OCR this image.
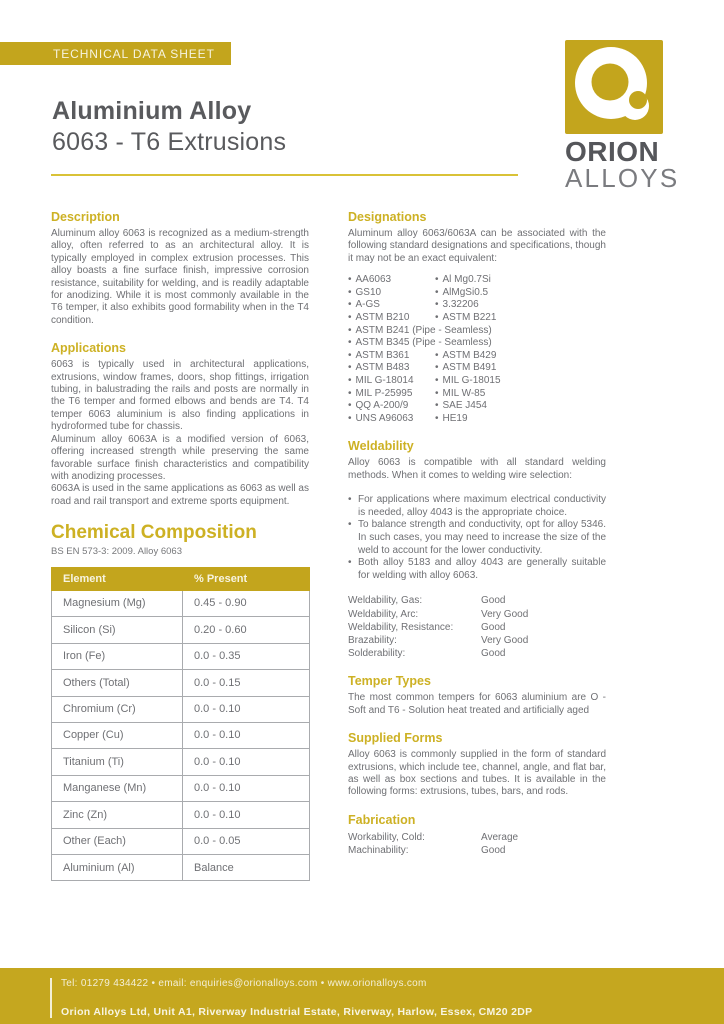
TECHNICAL DATA SHEET
Aluminium Alloy
6063 - T6 Extrusions	ORION
ALLOYS
Description

Aluminum alloy 6063 is recognized as a medium-strength alloy, often referred to as an architectural alloy. It is typically employed in complex extrusion processes. This alloy boasts a fine surface finish, impressive corrosion resistance, suitability for welding, and is readily adaptable for anodizing. While it is most commonly available in the T6 temper, it also exhibits good formability when in the T4 condition.

Applications

6063 is typically used in architectural applications, extrusions, window frames, doors, shop fittings, irrigation tubing, in balustrading the rails and posts are normally in the T6 temper and formed elbows and bends are T4. T4 temper 6063 aluminium is also finding applications in hydroformed tube for chassis.

Aluminum alloy 6063A is a modified version of 6063, offering increased strength while preserving the same favorable surface finish characteristics and compatibility with anodizing processes.

6063A is used in the same applications as 6063 as well as road and rail transport and extreme sports equipment.

Chemical Composition
BS EN 573-3: 2009. Alloy 6063
Element	% Present
Magnesium (Mg)	0.45 - 0.90
Silicon (Si)	0.20 - 0.60
Iron (Fe)	0.0 - 0.35
Others (Total)	0.0 - 0.15
Chromium (Cr)	0.0 - 0.10
Copper (Cu)	0.0 - 0.10
Titanium (Ti)	0.0 - 0.10
Manganese (Mn)	0.0 - 0.10
Zinc (Zn)	0.0 - 0.10
Other (Each)	0.0 - 0.05
Aluminium (Al)	Balance
Designations

Aluminum alloy 6063/6063A can be associated with the following standard designations and specifications, though it may not be an exact equivalent:

• AA6063	• Al Mg0.7Si
• GS10	• AlMgSi0.5
• A-GS	• 3.32206
• ASTM B210	• ASTM B221
• ASTM B241 (Pipe - Seamless)
• ASTM B345 (Pipe - Seamless)
• ASTM B361	• ASTM B429
• ASTM B483	• ASTM B491
• MIL G-18014	• MIL G-18015
• MIL P-25995	• MIL W-85
• QQ A-200/9	• SAE J454
• UNS A96063	• HE19
Weldability

Alloy 6063 is compatible with all standard welding methods. When it comes to welding wire selection:

• For applications where maximum electrical conductivity is needed, alloy 4043 is the appropriate choice.
• To balance strength and conductivity, opt for alloy 5346. In such cases, you may need to increase the size of the weld to account for the lower conductivity.
• Both alloy 5183 and alloy 4043 are generally suitable for welding with alloy 6063.
Weldability, Gas:	Good
Weldability, Arc:	Very Good
Weldability, Resistance:	Good
Brazability:	Very Good
Solderability:	Good
Temper Types

The most common tempers for 6063 aluminium are O - Soft and T6 - Solution heat treated and artificially aged

Supplied Forms

Alloy 6063 is commonly supplied in the form of standard extrusions, which include tee, channel, angle, and flat bar, as well as box sections and tubes. It is available in the following forms: extrusions, tubes, bars, and rods.

Fabrication
Workability, Cold:	Average
Machinability:	Good
Tel: 01279 434422 • email: enquiries@orionalloys.com • www.orionalloys.com
Orion Alloys Ltd, Unit A1, Riverway Industrial Estate, Riverway, Harlow, Essex, CM20 2DP
